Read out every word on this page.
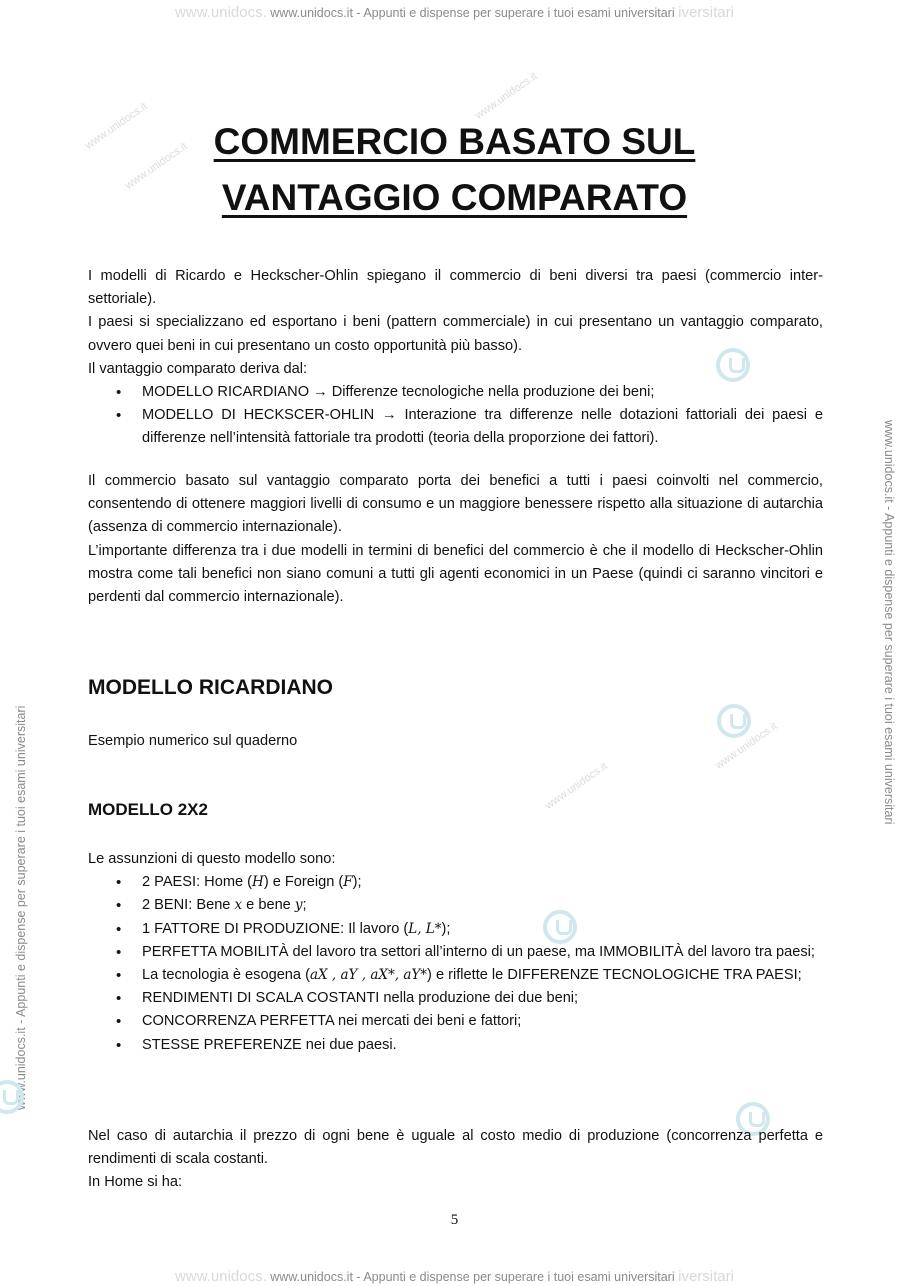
www.unidocs. www.unidocs.it - Appunti e dispense per superare i tuoi esami universitari iversitari
www.unidocs. www.unidocs.it - Appunti e dispense per superare i tuoi esami universitari iversitari
www.unidocs.it - Appunti e dispense per superare i tuoi esami universitari
www.unidocs.it - Appunti e dispense per superare i tuoi esami universitari
www.unidocs.it
www.unidocs.it
www.unidocs.it
www.unidocs.it
www.unidocs.it	COMMERCIO BASATO SUL
VANTAGGIO COMPARATO

I modelli di Ricardo e Heckscher-Ohlin spiegano il commercio di beni diversi tra paesi (commercio inter-settoriale).

I paesi si specializzano ed esportano i beni (pattern commerciale) in cui presentano un vantaggio comparato, ovvero quei beni in cui presentano un costo opportunità più basso).

Il vantaggio comparato deriva dal:

• MODELLO RICARDIANO → Differenze tecnologiche nella produzione dei beni;
• MODELLO DI HECKSCER-OHLIN → Interazione tra differenze nelle dotazioni fattoriali dei paesi e differenze nell’intensità fattoriale tra prodotti (teoria della proporzione dei fattori).

Il commercio basato sul vantaggio comparato porta dei benefici a tutti i paesi coinvolti nel commercio, consentendo di ottenere maggiori livelli di consumo e un maggiore benessere rispetto alla situazione di autarchia (assenza di commercio internazionale).

L’importante differenza tra i due modelli in termini di benefici del commercio è che il modello di Heckscher-Ohlin mostra come tali benefici non siano comuni a tutti gli agenti economici in un Paese (quindi ci saranno vincitori e perdenti dal commercio internazionale).

MODELLO RICARDIANO

Esempio numerico sul quaderno

MODELLO 2X2

Le assunzioni di questo modello sono:

• 2 PAESI: Home (H) e Foreign (F);
• 2 BENI: Bene x e bene y;
• 1 FATTORE DI PRODUZIONE: Il lavoro (L, L*);
• PERFETTA MOBILITÀ del lavoro tra settori all’interno di un paese, ma IMMOBILITÀ del lavoro tra paesi;
• La tecnologia è esogena (aX , aY , aX*, aY*) e riflette le DIFFERENZE TECNOLOGICHE TRA PAESI;
• RENDIMENTI DI SCALA COSTANTI nella produzione dei due beni;
• CONCORRENZA PERFETTA nei mercati dei beni e fattori;
• STESSE PREFERENZE nei due paesi.

Nel caso di autarchia il prezzo di ogni bene è uguale al costo medio di produzione (concorrenza perfetta e rendimenti di scala costanti.

In Home si ha:

5
